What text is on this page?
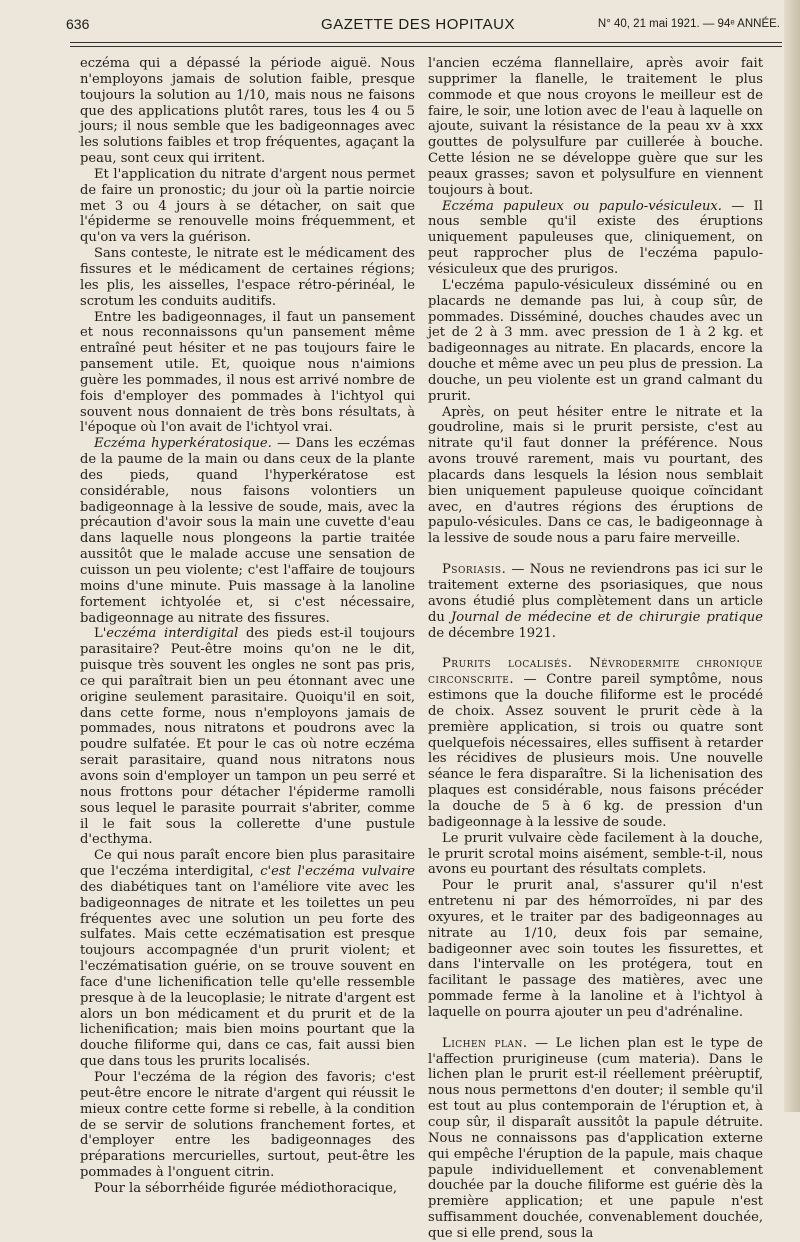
636	GAZETTE DES HOPITAUX	N° 40, 21 mai 1921. — 94ᵉ ANNÉE.

eczéma qui a dépassé la période aiguë. Nous n'employons jamais de solution faible, presque toujours la solution au 1/10, mais nous ne faisons que des applications plutôt rares, tous les 4 ou 5 jours; il nous semble que les badigeonnages avec les solutions faibles et trop fréquentes, agaçant la peau, sont ceux qui irritent.

Et l'application du nitrate d'argent nous permet de faire un pronostic; du jour où la partie noircie met 3 ou 4 jours à se détacher, on sait que l'épiderme se renouvelle moins fréquemment, et qu'on va vers la guérison.

Sans conteste, le nitrate est le médicament des fissures et le médicament de certaines régions; les plis, les aisselles, l'espace rétro-périnéal, le scrotum les conduits auditifs.

Entre les badigeonnages, il faut un pansement et nous reconnaissons qu'un pansement même entraîné peut hésiter et ne pas toujours faire le pansement utile. Et, quoique nous n'aimions guère les pommades, il nous est arrivé nombre de fois d'employer des pommades à l'ichtyol qui souvent nous donnaient de très bons résultats, à l'époque où l'on avait de l'ichtyol vrai.

Eczéma hyperkératosique. — Dans les eczémas de la paume de la main ou dans ceux de la plante des pieds, quand l'hyperkératose est considérable, nous faisons volontiers un badigeonnage à la lessive de soude, mais, avec la précaution d'avoir sous la main une cuvette d'eau dans laquelle nous plongeons la partie traitée aussitôt que le malade accuse une sensation de cuisson un peu violente; c'est l'affaire de toujours moins d'une minute. Puis massage à la lanoline fortement ichtyolée et, si c'est nécessaire, badigeonnage au nitrate des fissures.

L'eczéma interdigital des pieds est-il toujours parasitaire? Peut-être moins qu'on ne le dit, puisque très souvent les ongles ne sont pas pris, ce qui paraîtrait bien un peu étonnant avec une origine seulement parasitaire. Quoiqu'il en soit, dans cette forme, nous n'employons jamais de pommades, nous nitratons et poudrons avec la poudre sulfatée. Et pour le cas où notre eczéma serait parasitaire, quand nous nitratons nous avons soin d'employer un tampon un peu serré et nous frottons pour détacher l'épiderme ramolli sous lequel le parasite pourrait s'abriter, comme il le fait sous la collerette d'une pustule d'ecthyma.

Ce qui nous paraît encore bien plus parasitaire que l'eczéma interdigital, c'est l'eczéma vulvaire des diabétiques tant on l'améliore vite avec les badigeonnages de nitrate et les toilettes un peu fréquentes avec une solution un peu forte des sulfates. Mais cette eczématisation est presque toujours accompagnée d'un prurit violent; et l'eczématisation guérie, on se trouve souvent en face d'une lichenification telle qu'elle ressemble presque à de la leucoplasie; le nitrate d'argent est alors un bon médicament et du prurit et de la lichenification; mais bien moins pourtant que la douche filiforme qui, dans ce cas, fait aussi bien que dans tous les prurits localisés.

Pour l'eczéma de la région des favoris; c'est peut-être encore le nitrate d'argent qui réussit le mieux contre cette forme si rebelle, à la condition de se servir de solutions franchement fortes, et d'employer entre les badigeonnages des préparations mercurielles, surtout, peut-être les pommades à l'onguent citrin.

Pour la séborrhéide figurée médiothoracique,

l'ancien eczéma flannellaire, après avoir fait supprimer la flanelle, le traitement le plus commode et que nous croyons le meilleur est de faire, le soir, une lotion avec de l'eau à laquelle on ajoute, suivant la résistance de la peau xv à xxx gouttes de polysulfure par cuillerée à bouche. Cette lésion ne se développe guère que sur les peaux grasses; savon et polysulfure en viennent toujours à bout.

Eczéma papuleux ou papulo-vésiculeux. — Il nous semble qu'il existe des éruptions uniquement papuleuses que, cliniquement, on peut rapprocher plus de l'eczéma papulo-vésiculeux que des prurigos.

L'eczéma papulo-vésiculeux disséminé ou en placards ne demande pas lui, à coup sûr, de pommades. Disséminé, douches chaudes avec un jet de 2 à 3 mm. avec pression de 1 à 2 kg. et badigeonnages au nitrate. En placards, encore la douche et même avec un peu plus de pression. La douche, un peu violente est un grand calmant du prurit.

Après, on peut hésiter entre le nitrate et la goudroline, mais si le prurit persiste, c'est au nitrate qu'il faut donner la préférence. Nous avons trouvé rarement, mais vu pourtant, des placards dans lesquels la lésion nous semblait bien uniquement papuleuse quoique coïncidant avec, en d'autres régions des éruptions de papulo-vésicules. Dans ce cas, le badigeonnage à la lessive de soude nous a paru faire merveille.

Psoriasis. — Nous ne reviendrons pas ici sur le traitement externe des psoriasiques, que nous avons étudié plus complètement dans un article du Journal de médecine et de chirurgie pratique de décembre 1921.

Prurits localisés. Névrodermite chronique circonscrite. — Contre pareil symptôme, nous estimons que la douche filiforme est le procédé de choix. Assez souvent le prurit cède à la première application, si trois ou quatre sont quelquefois nécessaires, elles suffisent à retarder les récidives de plusieurs mois. Une nouvelle séance le fera disparaître. Si la lichenisation des plaques est considérable, nous faisons précéder la douche de 5 à 6 kg. de pression d'un badigeonnage à la lessive de soude.

Le prurit vulvaire cède facilement à la douche, le prurit scrotal moins aisément, semble-t-il, nous avons eu pourtant des résultats complets.

Pour le prurit anal, s'assurer qu'il n'est entretenu ni par des hémorroïdes, ni par des oxyures, et le traiter par des badigeonnages au nitrate au 1/10, deux fois par semaine, badigeonner avec soin toutes les fissurettes, et dans l'intervalle on les protégera, tout en facilitant le passage des matières, avec une pommade ferme à la lanoline et à l'ichtyol à laquelle on pourra ajouter un peu d'adrénaline.

Lichen plan. — Le lichen plan est le type de l'affection prurigineuse (cum materia). Dans le lichen plan le prurit est-il réellement préèruptif, nous nous permettons d'en douter; il semble qu'il est tout au plus contemporain de l'éruption et, à coup sûr, il disparaît aussitôt la papule détruite. Nous ne connaissons pas d'application externe qui empêche l'éruption de la papule, mais chaque papule individuellement et convenablement douchée par la douche filiforme est guérie dès la première application; et une papule n'est suffisamment douchée, convenablement douchée, que si elle prend, sous la
